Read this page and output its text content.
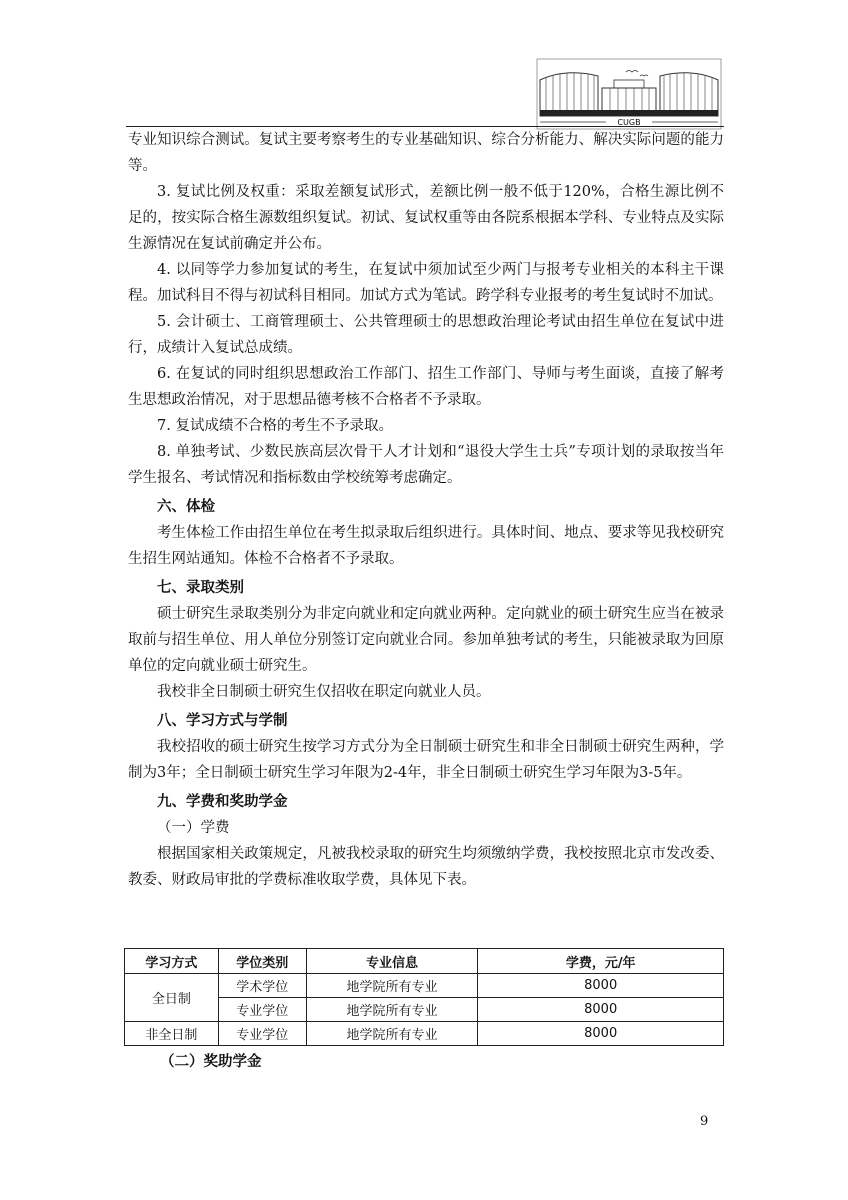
CUGB

专业知识综合测试。复试主要考察考生的专业基础知识、综合分析能力、解决实际问题的能力等。

3. 复试比例及权重：采取差额复试形式，差额比例一般不低于120%，合格生源比例不足的，按实际合格生源数组织复试。初试、复试权重等由各院系根据本学科、专业特点及实际生源情况在复试前确定并公布。

4. 以同等学力参加复试的考生，在复试中须加试至少两门与报考专业相关的本科主干课程。加试科目不得与初试科目相同。加试方式为笔试。跨学科专业报考的考生复试时不加试。

5. 会计硕士、工商管理硕士、公共管理硕士的思想政治理论考试由招生单位在复试中进行，成绩计入复试总成绩。

6. 在复试的同时组织思想政治工作部门、招生工作部门、导师与考生面谈，直接了解考生思想政治情况，对于思想品德考核不合格者不予录取。

7. 复试成绩不合格的考生不予录取。

8. 单独考试、少数民族高层次骨干人才计划和“退役大学生士兵”专项计划的录取按当年学生报名、考试情况和指标数由学校统筹考虑确定。

六、体检

考生体检工作由招生单位在考生拟录取后组织进行。具体时间、地点、要求等见我校研究生招生网站通知。体检不合格者不予录取。

七、录取类别

硕士研究生录取类别分为非定向就业和定向就业两种。定向就业的硕士研究生应当在被录取前与招生单位、用人单位分别签订定向就业合同。参加单独考试的考生，只能被录取为回原单位的定向就业硕士研究生。

我校非全日制硕士研究生仅招收在职定向就业人员。

八、学习方式与学制

我校招收的硕士研究生按学习方式分为全日制硕士研究生和非全日制硕士研究生两种，学制为3年；全日制硕士研究生学习年限为2-4年，非全日制硕士研究生学习年限为3-5年。

九、学费和奖助学金

（一）学费

根据国家相关政策规定，凡被我校录取的研究生均须缴纳学费，我校按照北京市发改委、教委、财政局审批的学费标准收取学费，具体见下表。

学习方式	学位类别	专业信息	学费，元/年
全日制	学术学位	地学院所有专业	8000
	专业学位	地学院所有专业	8000
非全日制	专业学位	地学院所有专业	8000
（二）奖助学金
9
